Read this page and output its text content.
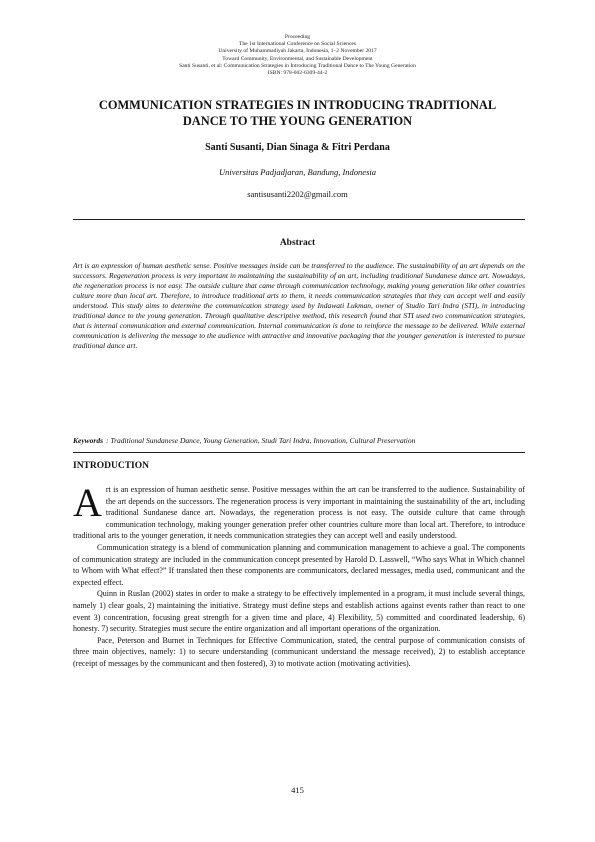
Proceeding
The 1st International Conference on Social Sciences
University of Muhammadiyah Jakarta, Indonesia, 1–2 November 2017
Toward Community, Environmental, and Sustainable Development
Santi Susanti, et al: Communication Strategies in Introducing Traditional Dance to The Young Generation
ISBN: 978-602-6309-44-2
COMMUNICATION STRATEGIES IN INTRODUCING TRADITIONAL DANCE TO THE YOUNG GENERATION
Santi Susanti, Dian Sinaga & Fitri Perdana
Universitas Padjadjaran, Bandung, Indonesia
santisusanti2202@gmail.com
Abstract

Art is an expression of human aesthetic sense. Positive messages inside can be transferred to the audience. The sustainability of an art depends on the successors. Regeneration process is very important in maintaining the sustainability of an art, including traditional Sundanese dance art. Nowadays, the regeneration process is not easy. The outside culture that came through communication technology, making young generation like other countries culture more than local art. Therefore, to introduce traditional arts to them, it needs communication strategies that they can accept well and easily understood. This study aims to determine the communication strategy used by Indawati Lukman, owner of Studio Tari Indra (STI), in introducing traditional dance to the young generation. Through qualitative descriptive method, this research found that STI used two communication strategies, that is internal communication and external communication. Internal communication is done to reinforce the message to be delivered. While external communication is delivering the message to the audience with attractive and innovative packaging that the younger generation is interested to pursue traditional dance art.

Keywords : Traditional Sundanese Dance, Young Generation, Studi Tari Indra, Innovation, Cultural Preservation
INTRODUCTION

Art is an expression of human aesthetic sense. Positive messages within the art can be transferred to the audience. Sustainability of the art depends on the successors. The regeneration process is very important in maintaining the sustainability of the art, including traditional Sundanese dance art. Nowadays, the regeneration process is not easy. The outside culture that came through communication technology, making younger generation prefer other countries culture more than local art. Therefore, to introduce traditional arts to the younger generation, it needs communication strategies they can accept well and easily understood.

Communication strategy is a blend of communication planning and communication management to achieve a goal. The components of communication strategy are included in the communication concept presented by Harold D. Lasswell, “Who says What in Which channel to Whom with What effect?” If translated then these components are communicators, declared messages, media used, communicant and the expected effect.

Quinn in Ruslan (2002) states in order to make a strategy to be effectively implemented in a program, it must include several things, namely 1) clear goals, 2) maintaining the initiative. Strategy must define steps and establish actions against events rather than react to one event 3) concentration, focusing great strength for a given time and place, 4) Flexibility, 5) committed and coordinated leadership, 6) honesty. 7) security. Strategies must secure the entire organization and all important operations of the organization.

Pace, Peterson and Burnet in Techniques for Effective Communication, stated, the central purpose of communication consists of three main objectives, namely: 1) to secure understanding (communicant understand the message received), 2) to establish acceptance (receipt of messages by the communicant and then fostered), 3) to motivate action (motivating activities).

415
